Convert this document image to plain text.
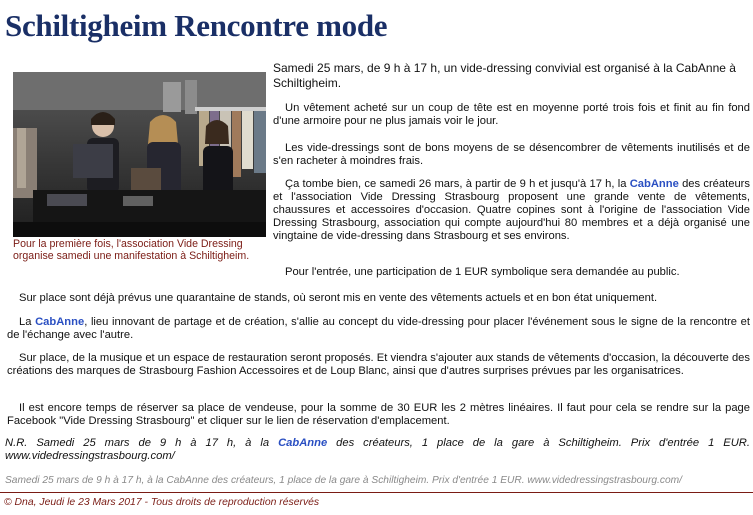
Schiltigheim Rencontre mode
Pour la première fois, l'association Vide Dressing organise samedi une manifestation à Schiltigheim.

Samedi 25 mars, de 9 h à 17 h, un vide-dressing convivial est organisé à la CabAnne à Schiltigheim.

Un vêtement acheté sur un coup de tête est en moyenne porté trois fois et finit au fin fond d'une armoire pour ne plus jamais voir le jour.

Les vide-dressings sont de bons moyens de se désencombrer de vêtements inutilisés et de s'en racheter à moindres frais.

Ça tombe bien, ce samedi 26 mars, à partir de 9 h et jusqu'à 17 h, la CabAnne des créateurs et l'association Vide Dressing Strasbourg proposent une grande vente de vêtements, chaussures et accessoires d'occasion. Quatre copines sont à l'origine de l'association Vide Dressing Strasbourg, association qui compte aujourd'hui 80 membres et a déjà organisé une vingtaine de vide-dressing dans Strasbourg et ses environs.

Pour l'entrée, une participation de 1 EUR symbolique sera demandée au public.

Sur place sont déjà prévus une quarantaine de stands, où seront mis en vente des vêtements actuels et en bon état uniquement.

La CabAnne, lieu innovant de partage et de création, s'allie au concept du vide-dressing pour placer l'événement sous le signe de la rencontre et de l'échange avec l'autre.

Sur place, de la musique et un espace de restauration seront proposés. Et viendra s'ajouter aux stands de vêtements d'occasion, la découverte des créations des marques de Strasbourg Fashion Accessoires et de Loup Blanc, ainsi que d'autres surprises prévues par les organisatrices.

Il est encore temps de réserver sa place de vendeuse, pour la somme de 30 EUR les 2 mètres linéaires. Il faut pour cela se rendre sur la page Facebook "Vide Dressing Strasbourg" et cliquer sur le lien de réservation d'emplacement.

N.R. Samedi 25 mars de 9 h à 17 h, à la CabAnne des créateurs, 1 place de la gare à Schiltigheim. Prix d'entrée 1 EUR. www.videdressingstrasbourg.com/

Samedi 25 mars de 9 h à 17 h, à la CabAnne des créateurs, 1 place de la gare à Schiltigheim. Prix d'entrée 1 EUR. www.videdressingstrasbourg.com/

© Dna, Jeudi le 23 Mars 2017 - Tous droits de reproduction réservés
